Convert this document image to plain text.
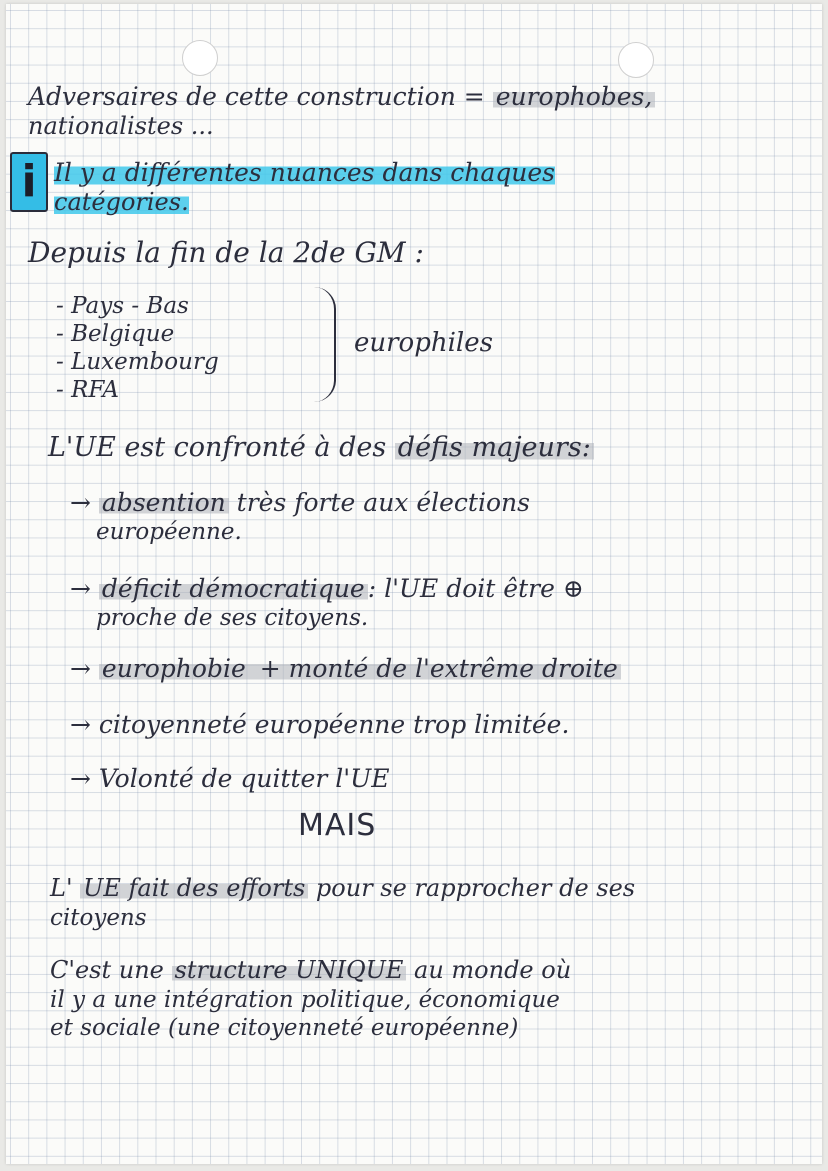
Adversaires de cette construction = europhobes,
nationalistes ...
i Il y a différentes nuances dans chaques
catégories.
Depuis la fin de la 2de GM :
- Pays - Bas
- Belgique
- Luxembourg
- RFA
europhiles
L'UE est confronté à des défis majeurs:
→ absention très forte aux élections
européenne.
→ déficit démocratique : l'UE doit être ⊕
proche de ses citoyens.
→ europhobie + monté de l'extrême droite
→ citoyenneté européenne trop limitée.
→ Volonté de quitter l'UE
MAIS
L' UE fait des efforts pour se rapprocher de ses
citoyens
C'est une structure UNIQUE au monde où
il y a une intégration politique, économique
et sociale (une citoyenneté européenne)
